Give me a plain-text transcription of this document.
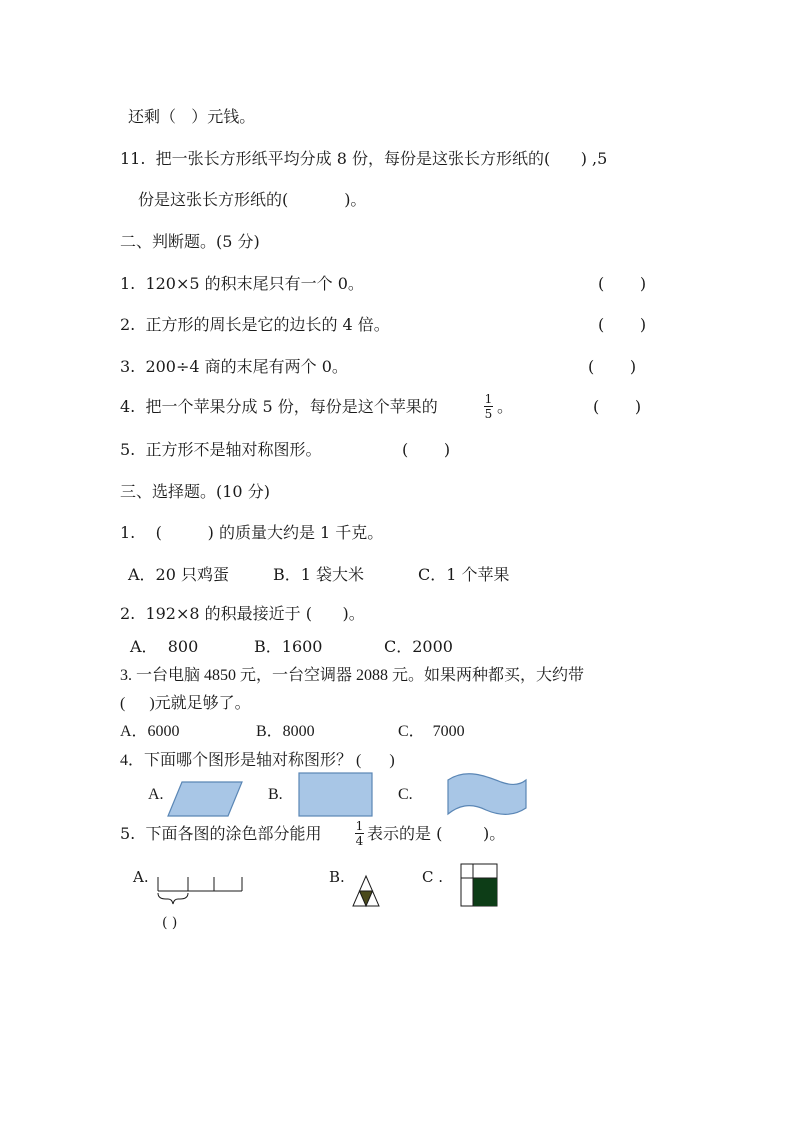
还剩（   ）元钱。
11.  把一张长方形纸平均分成 8 份，每份是这张长方形纸的(      ) ,5
份是这张长方形纸的(           )。
二、判断题。(5 分)
1.  120×5 的积末尾只有一个 0。	(       )
2.  正方形的周长是它的边长的 4 倍。	(       )
3.  200÷4 商的末尾有两个 0。	(       )
4.  把一个苹果分成 5 份，每份是这个苹果的	1
5 。	(       )
5.  正方形不是轴对称图形。	(       )
三、选择题。(10 分)
1.    (         ) 的质量大约是 1 千克。
A．20 只鸡蛋	B．1 袋大米	C．1 个苹果
2.  192×8 的积最接近于 (      )。
A．  800	B．1600	C．2000
3. 一台电脑 4850 元，一台空调器 2088 元。如果两种都买，大约带
(      )元就足够了。
A．6000	B．8000	C．  7000
4．下面哪个图形是轴对称图形？ (       )
A.	B.	C.
5.  下面各图的涂色部分能用	1
4 表示的是 (        )。
A.
( )
B.	C .
